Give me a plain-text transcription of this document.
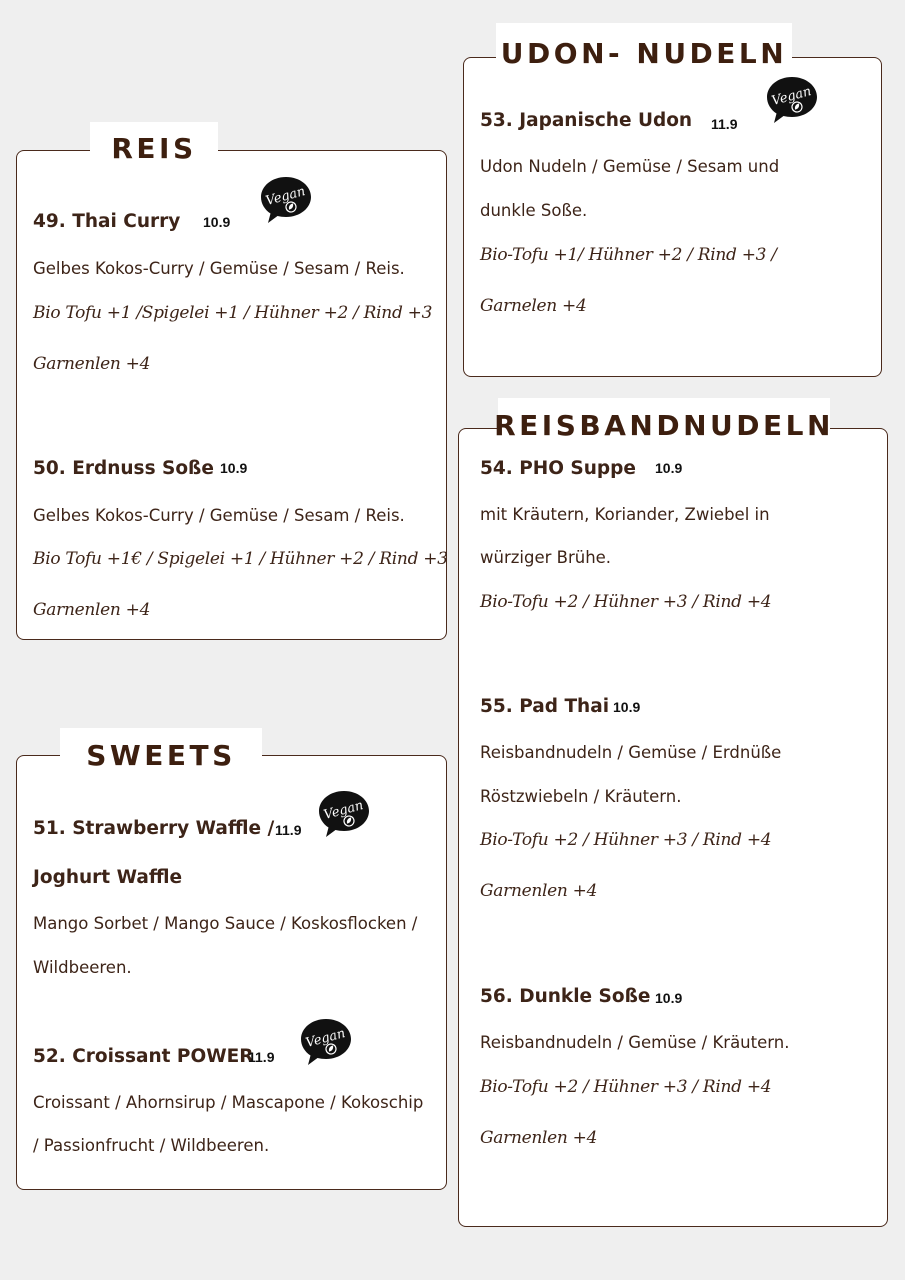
REIS
49. Thai Curry 10.9
Gelbes Kokos-Curry / Gemüse / Sesam / Reis.
Bio Tofu +1 /Spigelei +1 / Hühner +2 / Rind +3
Garnenlen +4
50. Erdnuss Soße 10.9
Gelbes Kokos-Curry / Gemüse / Sesam / Reis.
Bio Tofu +1€ / Spigelei +1 / Hühner +2 / Rind +3
Garnenlen +4
SWEETS
51. Strawberry Waffle / 11.9
Joghurt Waffle
Mango Sorbet / Mango Sauce / Koskosflocken /
Wildbeeren.
52. Croissant POWER
11.9
Croissant / Ahornsirup / Mascapone / Kokoschip
/ Passionfrucht / Wildbeeren.
UDON- NUDELN
53. Japanische Udon 11.9
Udon Nudeln / Gemüse / Sesam und
dunkle Soße.
Bio-Tofu +1/ Hühner +2 / Rind +3 /
Garnelen +4
REISBANDNUDELN
54. PHO Suppe 10.9
mit Kräutern, Koriander, Zwiebel in
würziger Brühe.
Bio-Tofu +2 / Hühner +3 / Rind +4
55. Pad Thai 10.9
Reisbandnudeln / Gemüse / Erdnüße
Röstzwiebeln / Kräutern.
Bio-Tofu +2 / Hühner +3 / Rind +4
Garnenlen +4
56. Dunkle Soße 10.9
Reisbandnudeln / Gemüse / Kräutern.
Bio-Tofu +2 / Hühner +3 / Rind +4
Garnenlen +4
